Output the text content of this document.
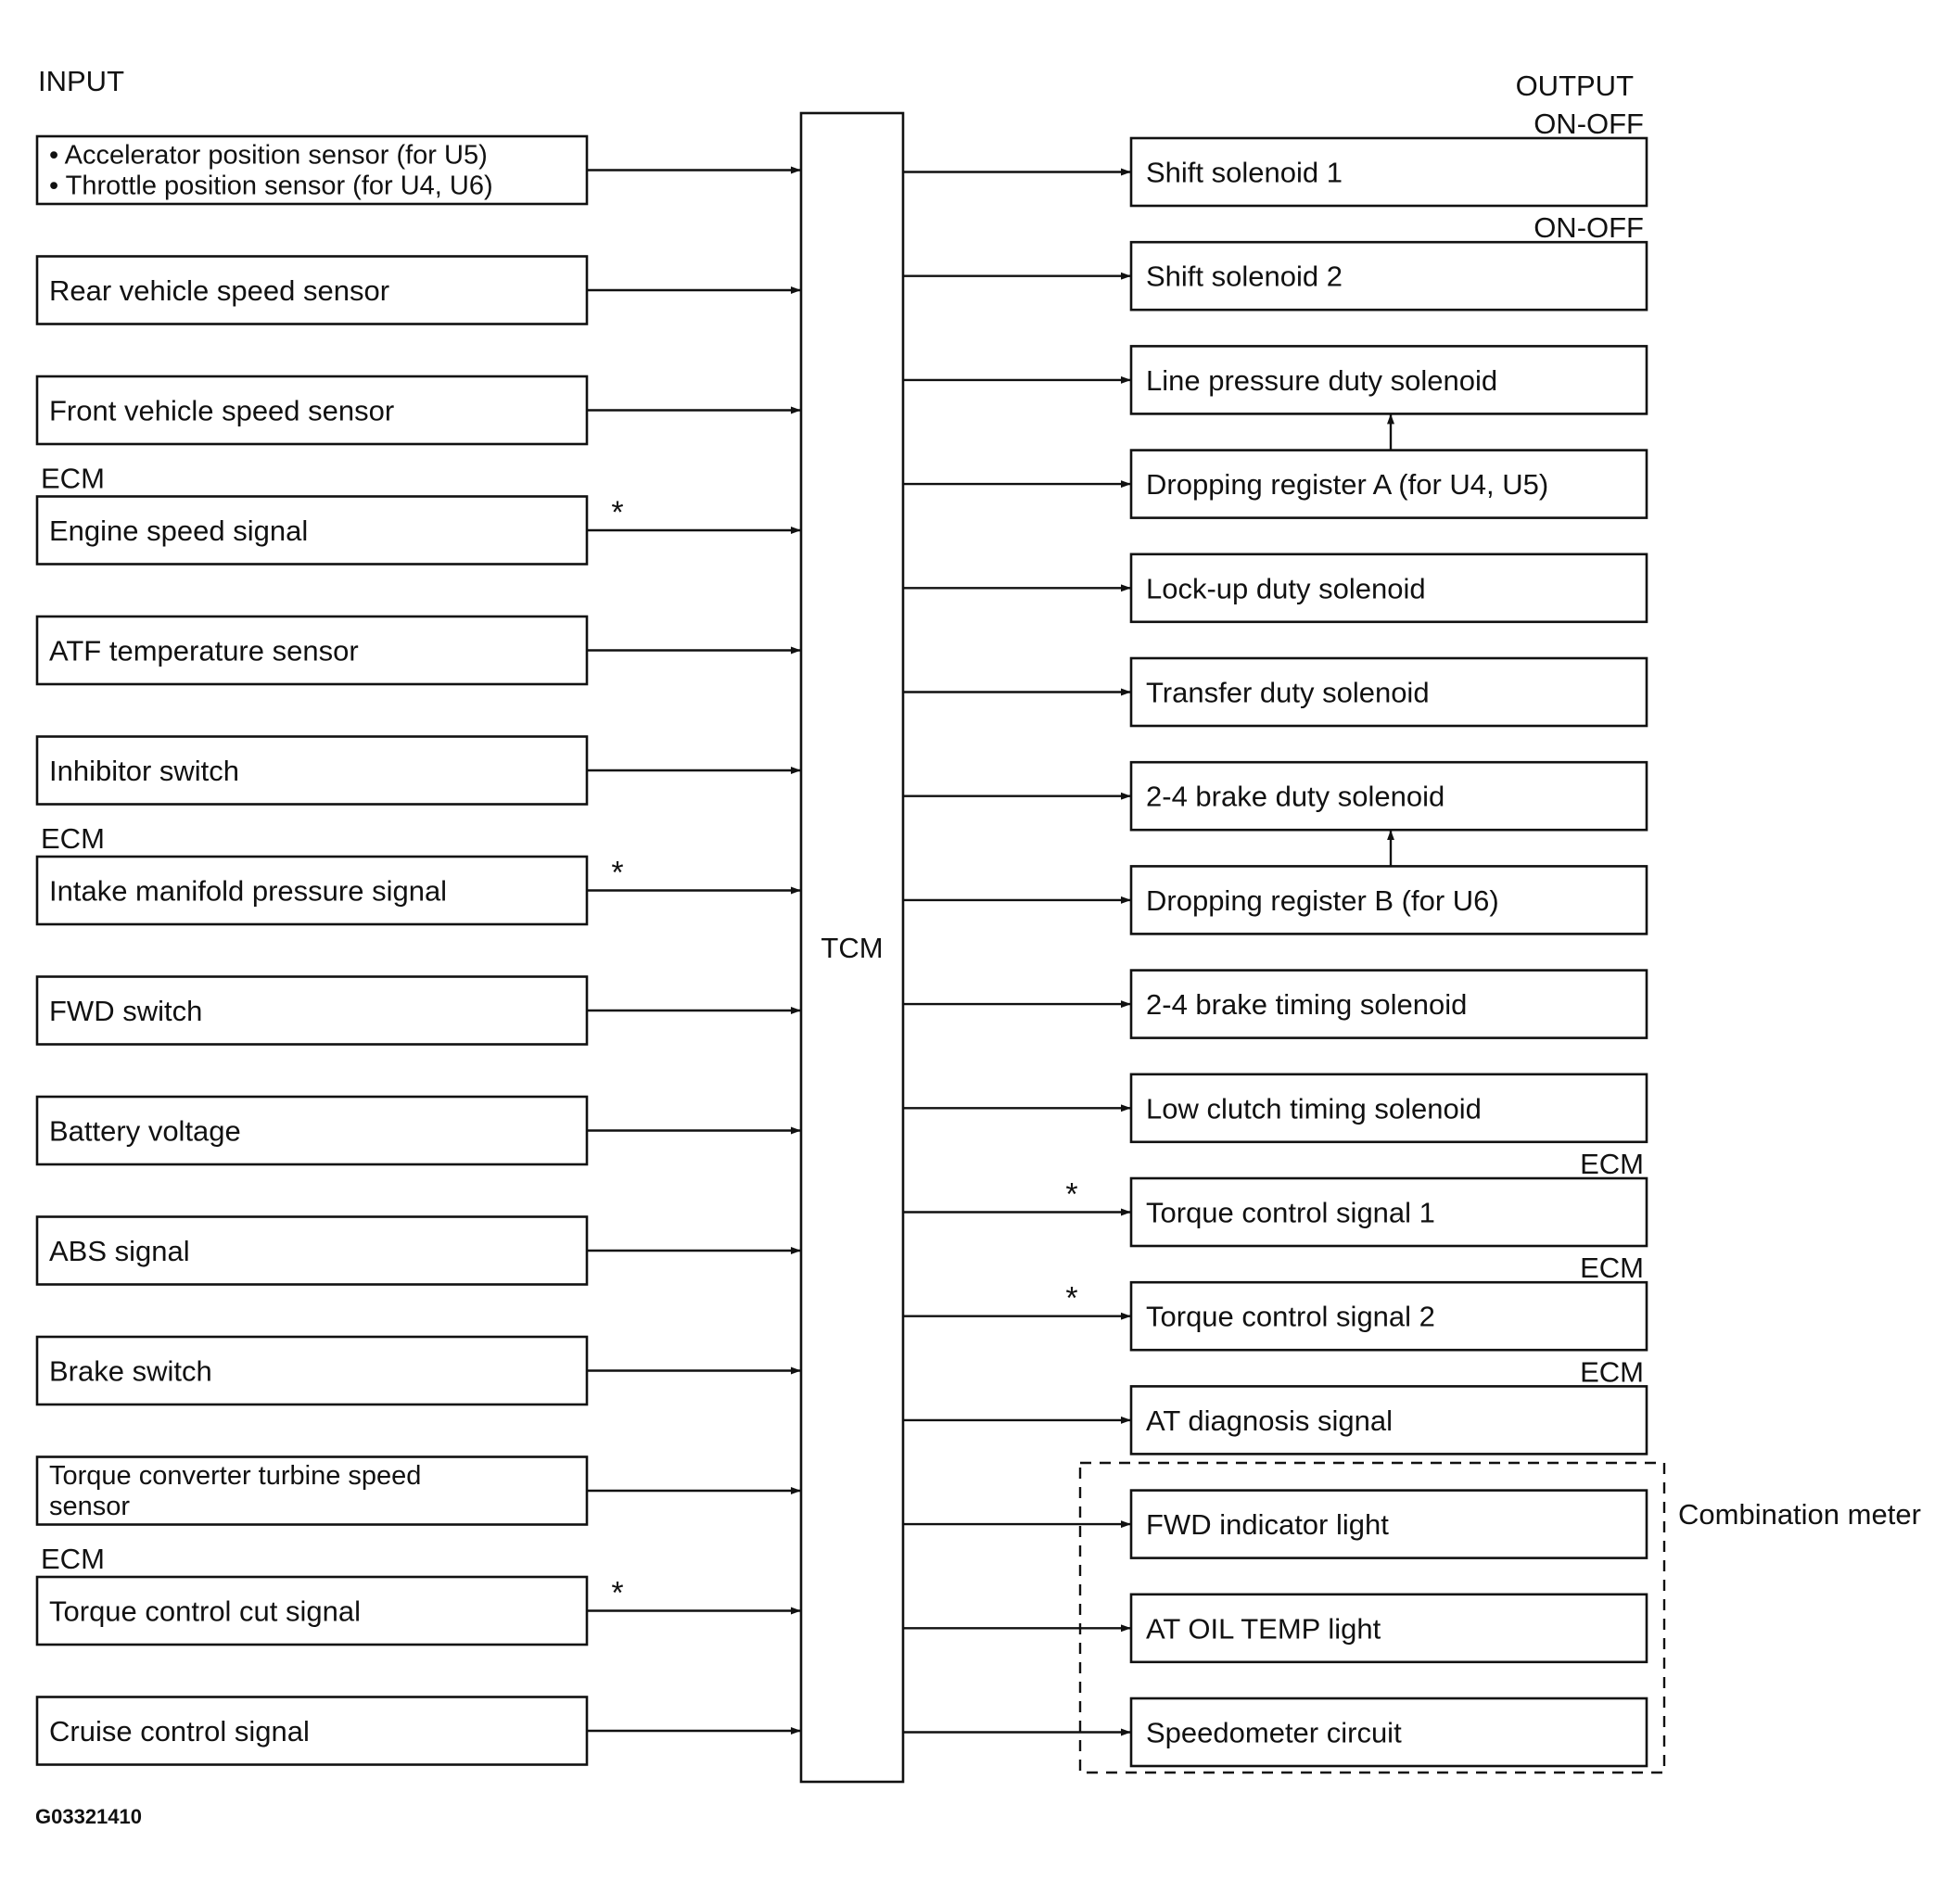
INPUT	OUTPUT
• Accelerator position sensor (for U5)
• Throttle position sensor (for U4, U6)
Rear vehicle speed sensor
Front vehicle speed sensor
Engine speed signal
ECM
*
ATF temperature sensor
Inhibitor switch
Intake manifold pressure signal
ECM
*
FWD switch
Battery voltage
ABS signal
Brake switch
Torque converter turbine speed
sensor
Torque control cut signal
ECM
*
Cruise control signal
Shift solenoid 1
ON-OFF
Shift solenoid 2
ON-OFF
Line pressure duty solenoid
Dropping register A (for U4, U5)
Lock-up duty solenoid
Transfer duty solenoid
2-4 brake duty solenoid
Dropping register B (for U6)
2-4 brake timing solenoid
Low clutch timing solenoid
Torque control signal 1
ECM
*
Torque control signal 2
ECM
*
AT diagnosis signal
ECM
FWD indicator light
AT OIL TEMP light
Speedometer circuit
TCM
Combination meter
G03321410
